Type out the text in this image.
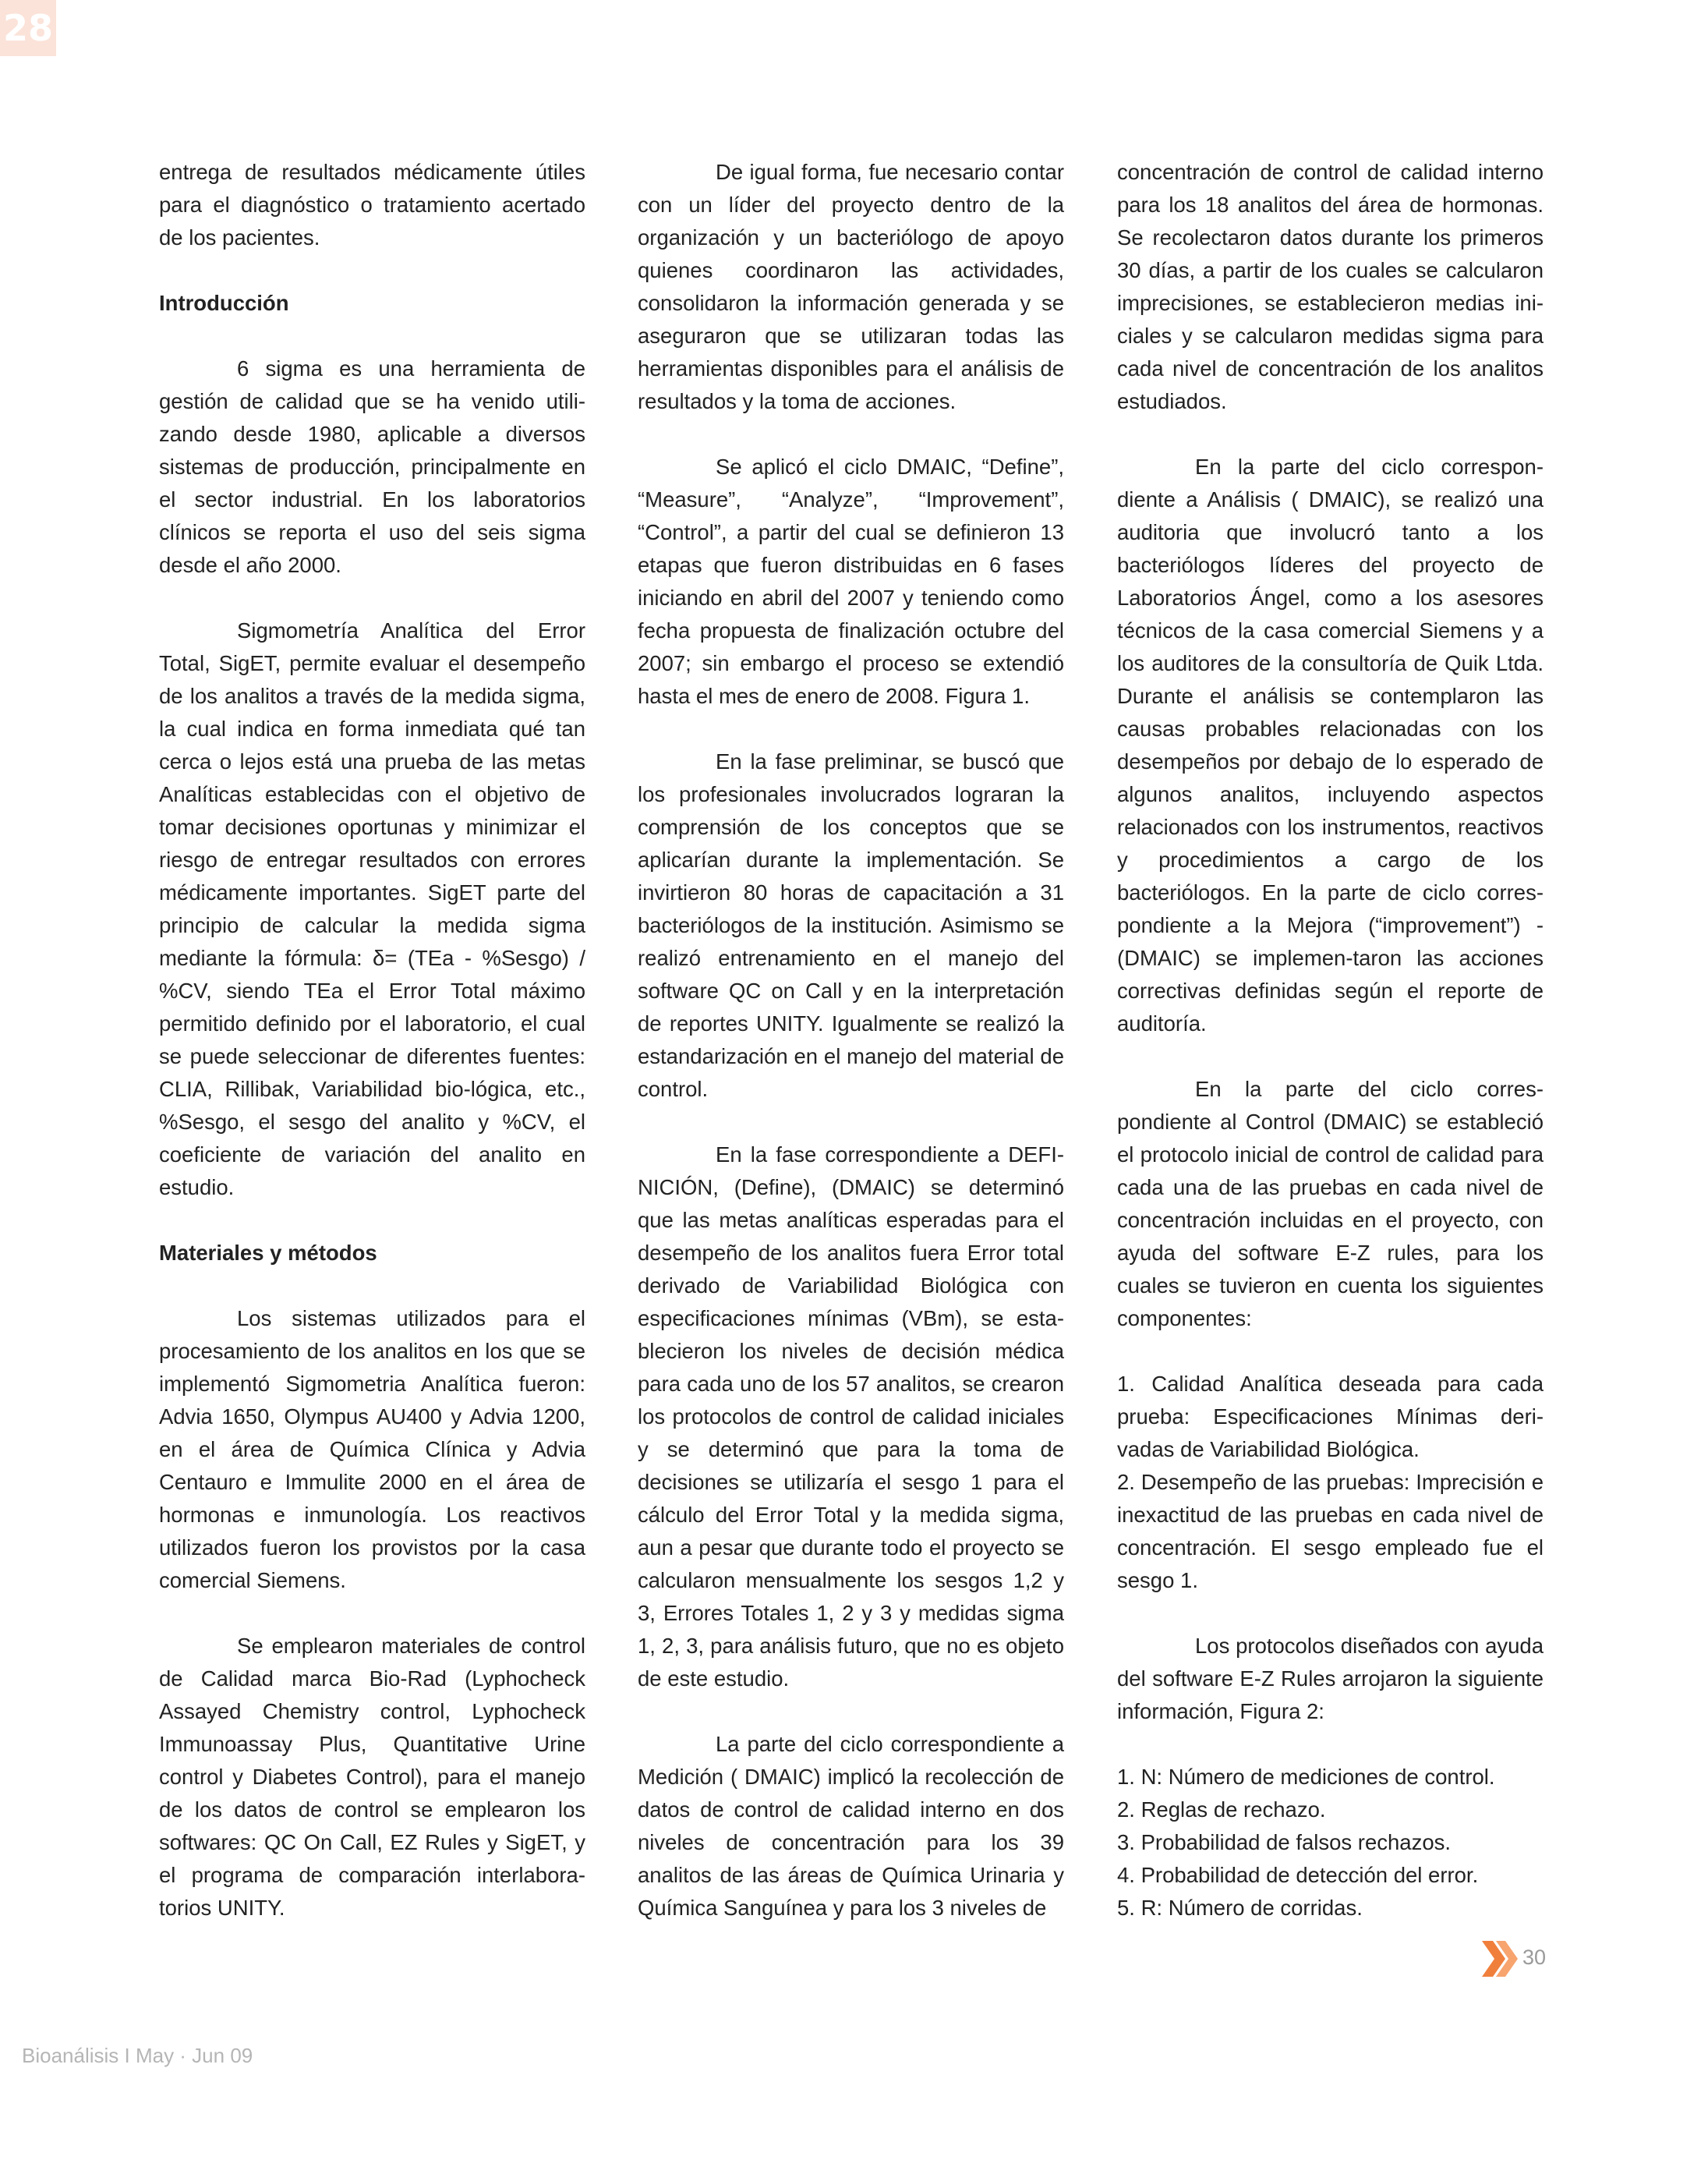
28

entrega de resultados médicamente útiles para el diagnóstico o tratamiento acertado de los pacientes.

Introducción

6 sigma es una herramienta de gestión de calidad que se ha venido utili-zando desde 1980, aplicable a diversos sistemas de producción, principalmente en el sector industrial. En los laboratorios clínicos se reporta el uso del seis sigma desde el año 2000.

Sigmometría Analítica del Error Total, SigET, permite evaluar el desempeño de los analitos a través de la medida sigma, la cual indica en forma inmediata qué tan cerca o lejos está una prueba de las metas Analíticas establecidas con el objetivo de tomar decisiones oportunas y minimizar el riesgo de entregar resultados con errores médicamente importantes. SigET parte del principio de calcular la medida sigma mediante la fórmula: δ= (TEa - %Sesgo) / %CV, siendo TEa el Error Total máximo permitido definido por el laboratorio, el cual se puede seleccionar de diferentes fuentes: CLIA, Rillibak, Variabilidad bio-lógica, etc., %Sesgo, el sesgo del analito y %CV, el coeficiente de variación del analito en estudio.

Materiales y métodos

Los sistemas utilizados para el procesamiento de los analitos en los que se implementó Sigmometria Analítica fueron: Advia 1650, Olympus AU400 y Advia 1200, en el área de Química Clínica y Advia Centauro e Immulite 2000 en el área de hormonas e inmunología. Los reactivos utilizados fueron los provistos por la casa comercial Siemens.

Se emplearon materiales de control de Calidad marca Bio-Rad (Lyphocheck Assayed Chemistry control, Lyphocheck Immunoassay Plus, Quantitative Urine control y Diabetes Control), para el manejo de los datos de control se emplearon los softwares: QC On Call, EZ Rules y SigET, y el programa de comparación interlabora-torios UNITY.

De igual forma, fue necesario contar con un líder del proyecto dentro de la organización y un bacteriólogo de apoyo quienes coordinaron las actividades, consolidaron la información generada y se aseguraron que se utilizaran todas las herramientas disponibles para el análisis de resultados y la toma de acciones.

Se aplicó el ciclo DMAIC, “Define”, “Measure”, “Analyze”, “Improvement”, “Control”, a partir del cual se definieron 13 etapas que fueron distribuidas en 6 fases iniciando en abril del 2007 y teniendo como fecha propuesta de finalización octubre del 2007; sin embargo el proceso se extendió hasta el mes de enero de 2008. Figura 1.

En la fase preliminar, se buscó que los profesionales involucrados lograran la comprensión de los conceptos que se aplicarían durante la implementación. Se invirtieron 80 horas de capacitación a 31 bacteriólogos de la institución. Asimismo se realizó entrenamiento en el manejo del software QC on Call y en la interpretación de reportes UNITY. Igualmente se realizó la estandarización en el manejo del material de control.

En la fase correspondiente a DEFI-NICIÓN, (Define), (DMAIC) se determinó que las metas analíticas esperadas para el desempeño de los analitos fuera Error total derivado de Variabilidad Biológica con especificaciones mínimas (VBm), se esta-blecieron los niveles de decisión médica para cada uno de los 57 analitos, se crearon los protocolos de control de calidad iniciales y se determinó que para la toma de decisiones se utilizaría el sesgo 1 para el cálculo del Error Total y la medida sigma, aun a pesar que durante todo el proyecto se calcularon mensualmente los sesgos 1,2 y 3, Errores Totales 1, 2 y 3 y medidas sigma 1, 2, 3, para análisis futuro, que no es objeto de este estudio.

La parte del ciclo correspondiente a Medición ( DMAIC) implicó la recolección de datos de control de calidad interno en dos niveles de concentración para los 39 analitos de las áreas de Química Urinaria y Química Sanguínea y para los 3 niveles de

concentración de control de calidad interno para los 18 analitos del área de hormonas. Se recolectaron datos durante los primeros 30 días, a partir de los cuales se calcularon imprecisiones, se establecieron medias ini-ciales y se calcularon medidas sigma para cada nivel de concentración de los analitos estudiados.

En la parte del ciclo correspon-diente a Análisis ( DMAIC), se realizó una auditoria que involucró tanto a los bacteriólogos líderes del proyecto de Laboratorios Ángel, como a los asesores técnicos de la casa comercial Siemens y a los auditores de la consultoría de Quik Ltda. Durante el análisis se contemplaron las causas probables relacionadas con los desempeños por debajo de lo esperado de algunos analitos, incluyendo aspectos relacionados con los instrumentos, reactivos y procedimientos a cargo de los bacteriólogos. En la parte de ciclo corres-pondiente a la Mejora (“improvement”) - (DMAIC) se implemen-taron las acciones correctivas definidas según el reporte de auditoría.

En la parte del ciclo corres-pondiente al Control (DMAIC) se estableció el protocolo inicial de control de calidad para cada una de las pruebas en cada nivel de concentración incluidas en el proyecto, con ayuda del software E-Z rules, para los cuales se tuvieron en cuenta los siguientes componentes:

1. Calidad Analítica deseada para cada prueba: Especificaciones Mínimas deri-vadas de Variabilidad Biológica.

2. Desempeño de las pruebas: Imprecisión e inexactitud de las pruebas en cada nivel de concentración. El sesgo empleado fue el sesgo 1.

Los protocolos diseñados con ayuda del software E-Z Rules arrojaron la siguiente información, Figura 2:

1. N: Número de mediciones de control.

2. Reglas de rechazo.

3. Probabilidad de falsos rechazos.

4. Probabilidad de detección del error.

5. R: Número de corridas.

30
Bioanálisis I May · Jun 09
